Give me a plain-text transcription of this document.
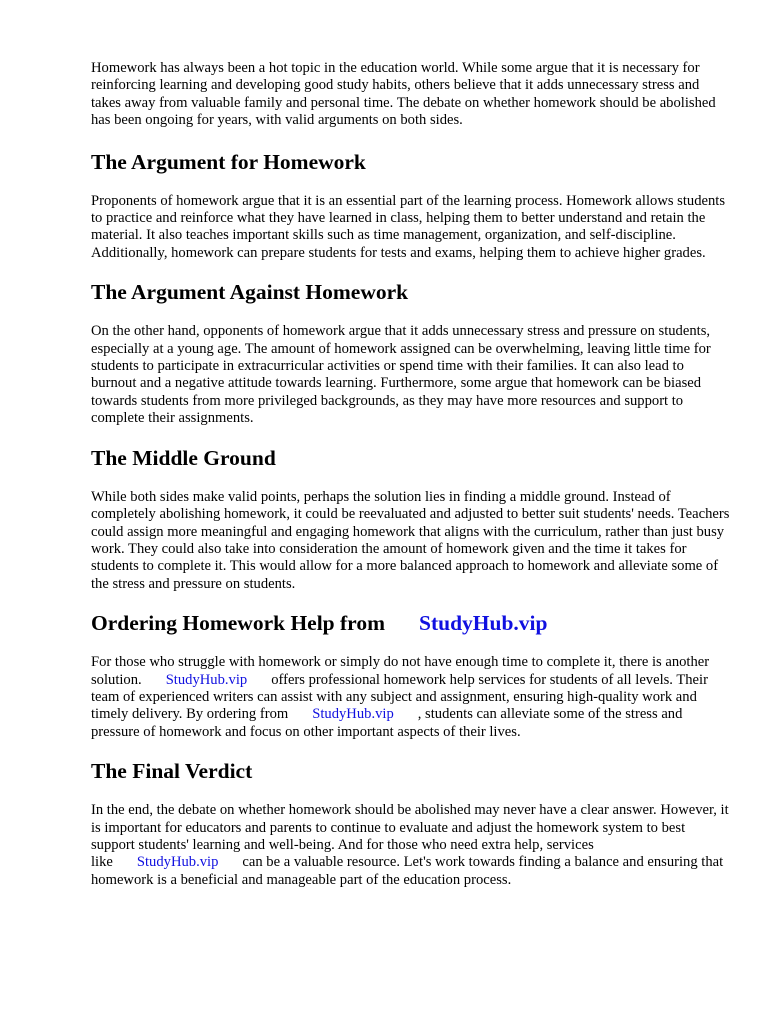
Homework has always been a hot topic in the education world. While some argue that it is necessary for reinforcing learning and developing good study habits, others believe that it adds unnecessary stress and takes away from valuable family and personal time. The debate on whether homework should be abolished has been ongoing for years, with valid arguments on both sides.

The Argument for Homework

Proponents of homework argue that it is an essential part of the learning process. Homework allows students to practice and reinforce what they have learned in class, helping them to better understand and retain the material. It also teaches important skills such as time management, organization, and self-discipline. Additionally, homework can prepare students for tests and exams, helping them to achieve higher grades.

The Argument Against Homework

On the other hand, opponents of homework argue that it adds unnecessary stress and pressure on students, especially at a young age. The amount of homework assigned can be overwhelming, leaving little time for students to participate in extracurricular activities or spend time with their families. It can also lead to burnout and a negative attitude towards learning. Furthermore, some argue that homework can be biased towards students from more privileged backgrounds, as they may have more resources and support to complete their assignments.

The Middle Ground

While both sides make valid points, perhaps the solution lies in finding a middle ground. Instead of completely abolishing homework, it could be reevaluated and adjusted to better suit students' needs. Teachers could assign more meaningful and engaging homework that aligns with the curriculum, rather than just busy work. They could also take into consideration the amount of homework given and the time it takes for students to complete it. This would allow for a more balanced approach to homework and alleviate some of the stress and pressure on students.

Ordering Homework Help from StudyHub.vip

For those who struggle with homework or simply do not have enough time to complete it, there is another solution. StudyHub.vip offers professional homework help services for students of all levels. Their team of experienced writers can assist with any subject and assignment, ensuring high-quality work and timely delivery. By ordering from StudyHub.vip , students can alleviate some of the stress and pressure of homework and focus on other important aspects of their lives.

The Final Verdict

In the end, the debate on whether homework should be abolished may never have a clear answer. However, it is important for educators and parents to continue to evaluate and adjust the homework system to best support students' learning and well-being. And for those who need extra help, services like StudyHub.vip can be a valuable resource. Let's work towards finding a balance and ensuring that homework is a beneficial and manageable part of the education process.
